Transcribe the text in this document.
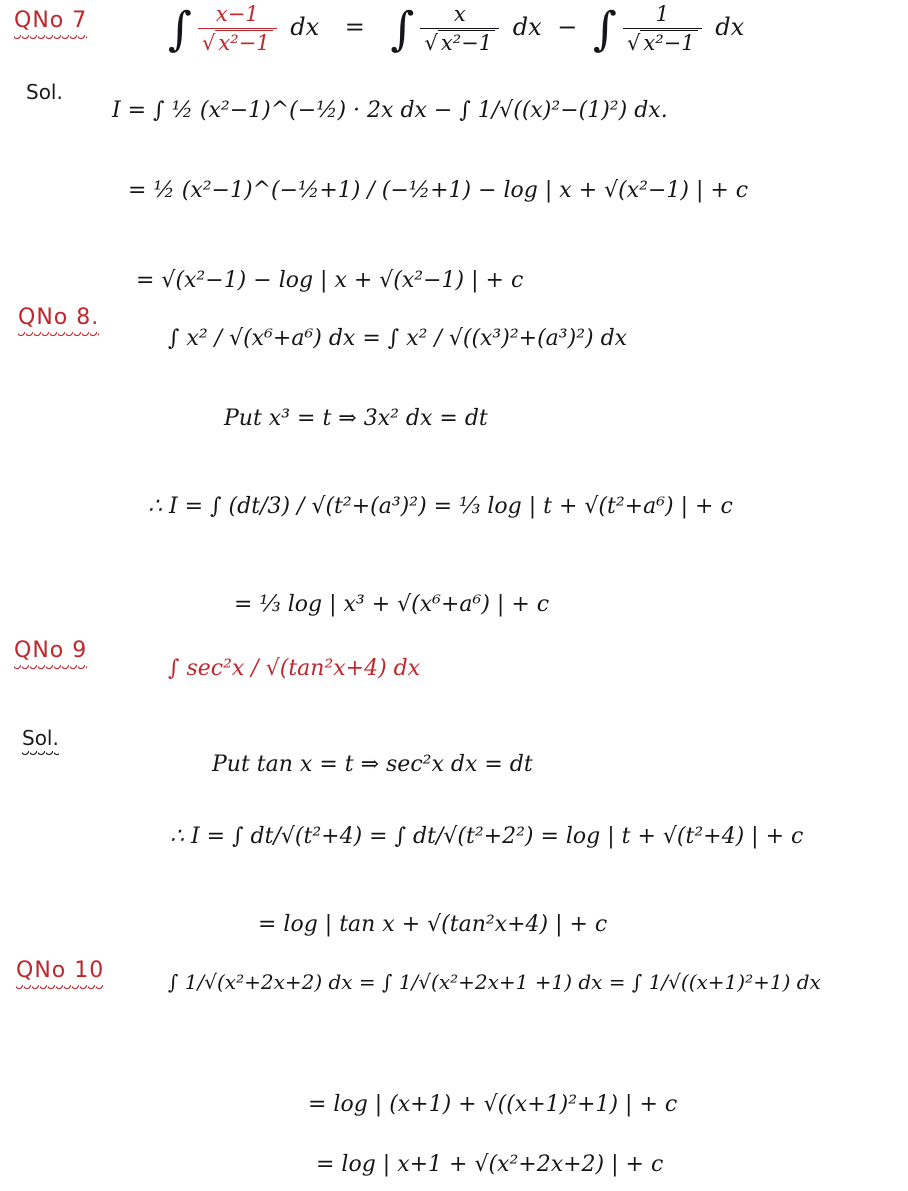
QNo 7 ∫ x−1
√ x²−1 dx = ∫ x
√ x²−1 dx − ∫ 1
√ x²−1 dx
Sol.
I = ∫ ½ (x²−1)^(−½) · 2x dx − ∫ 1/√((x)²−(1)²) dx.
= ½ (x²−1)^(−½+1) / (−½+1) − log | x + √(x²−1) | + c
= √(x²−1) − log | x + √(x²−1) | + c
QNo 8.
∫ x² / √(x⁶+a⁶) dx = ∫ x² / √((x³)²+(a³)²) dx
Put x³ = t ⇒ 3x² dx = dt
∴ I = ∫ (dt/3) / √(t²+(a³)²) = ⅓ log | t + √(t²+a⁶) | + c
= ⅓ log | x³ + √(x⁶+a⁶) | + c
QNo 9
∫ sec²x / √(tan²x+4) dx
Sol.
Put tan x = t ⇒ sec²x dx = dt
∴ I = ∫ dt/√(t²+4) = ∫ dt/√(t²+2²) = log | t + √(t²+4) | + c
= log | tan x + √(tan²x+4) | + c
QNo 10	∫ 1/√(x²+2x+2) dx = ∫ 1/√(x²+2x+1 +1) dx = ∫ 1/√((x+1)²+1) dx
= log | (x+1) + √((x+1)²+1) | + c
= log | x+1 + √(x²+2x+2) | + c
